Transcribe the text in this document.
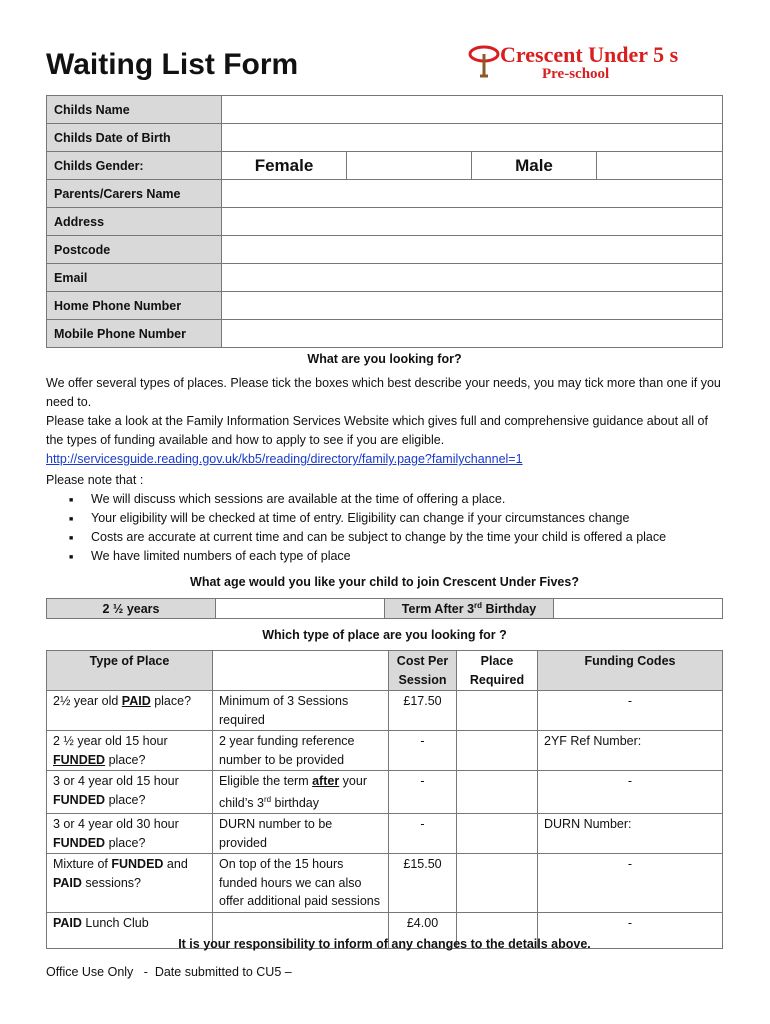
Waiting List Form	Crescent Under 5 s
Pre-school
Childs Name				
Childs Date of Birth				
Childs Gender:	Female		Male	
Parents/Carers Name				
Address				
Postcode				
Email				
Home Phone Number				
Mobile Phone Number				
What are you looking for?

We offer several types of places. Please tick the boxes which best describe your needs, you may tick more than one if you need to.

Please take a look at the Family Information Services Website which gives full and comprehensive guidance about all of the types of funding available and how to apply to see if you are eligible.

http://servicesguide.reading.gov.uk/kb5/reading/directory/family.page?familychannel=1

Please note that :

■ We will discuss which sessions are available at the time of offering a place.
■ Your eligibility will be checked at time of entry. Eligibility can change if your circumstances change
■ Costs are accurate at current time and can be subject to change by the time your child is offered a place
■ We have limited numbers of each type of place
What age would you like your child to join Crescent Under Fives?
2 ½ years		Term After 3rd Birthday	
Which type of place are you looking for ?
Type of Place		Cost Per Session	Place Required	Funding Codes
2½ year old PAID place?	Minimum of 3 Sessions required	£17.50		-
2 ½ year old 15 hour FUNDED place?	2 year funding reference number to be provided	-		2YF Ref Number:
3 or 4 year old 15 hour FUNDED place?	Eligible the term after your child’s 3rd birthday	-		-
3 or 4 year old 30 hour FUNDED place?	DURN number to be provided	-		DURN Number:
Mixture of FUNDED and PAID sessions?	On top of the 15 hours funded hours we can also offer additional paid sessions	£15.50		-
PAID Lunch Club		£4.00		-
It is your responsibility to inform of any changes to the details above.
Office Use Only   -  Date submitted to CU5 –
